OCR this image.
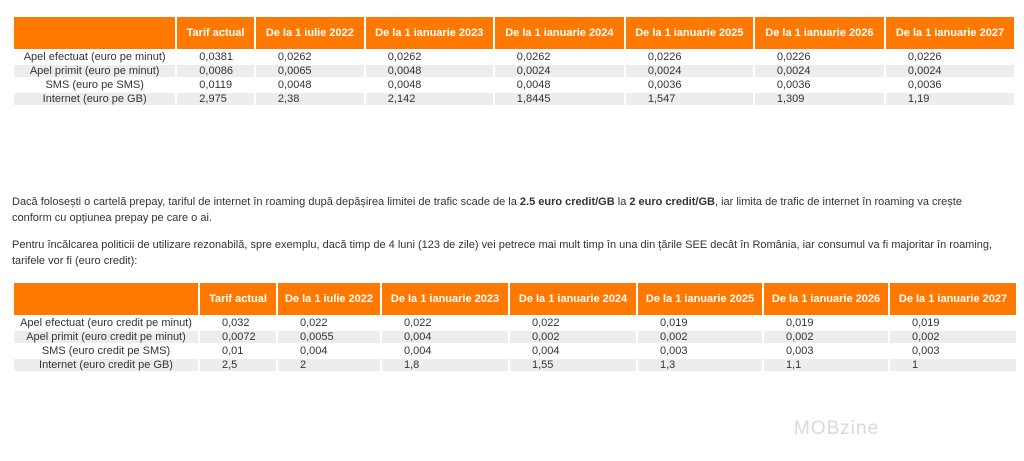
	Tarif actual	De la 1 iulie 2022	De la 1 ianuarie 2023	De la 1 ianuarie 2024	De la 1 ianuarie 2025	De la 1 ianuarie 2026	De la 1 ianuarie 2027
Apel efectuat (euro pe minut)	0,0381	0,0262	0,0262	0,0262	0,0226	0,0226	0,0226
Apel primit (euro pe minut)	0,0086	0,0065	0,0048	0,0024	0,0024	0,0024	0,0024
SMS (euro pe SMS)	0,0119	0,0048	0,0048	0,0048	0,0036	0,0036	0,0036
Internet (euro pe GB)	2,975	2,38	2,142	1,8445	1,547	1,309	1,19

Dacă folosești o cartelă prepay, tariful de internet în roaming după depășirea limitei de trafic scade de la 2.5 euro credit/GB la 2 euro credit/GB, iar limita de trafic de internet în roaming va crește conform cu opțiunea prepay pe care o ai.

Pentru încălcarea politicii de utilizare rezonabilă, spre exemplu, dacă timp de 4 luni (123 de zile) vei petrece mai mult timp în una din țările SEE decât în România, iar consumul va fi majoritar în roaming, tarifele vor fi (euro credit):

	Tarif actual	De la 1 iulie 2022	De la 1 ianuarie 2023	De la 1 ianuarie 2024	De la 1 ianuarie 2025	De la 1 ianuarie 2026	De la 1 ianuarie 2027
Apel efectuat (euro credit pe minut)	0,032	0,022	0,022	0,022	0,019	0,019	0,019
Apel primit (euro credit pe minut)	0,0072	0,0055	0,004	0,002	0,002	0,002	0,002
SMS (euro credit pe SMS)	0,01	0,004	0,004	0,004	0,003	0,003	0,003
Internet (euro credit pe GB)	2,5	2	1,8	1,55	1,3	1,1	1
MOBzine
